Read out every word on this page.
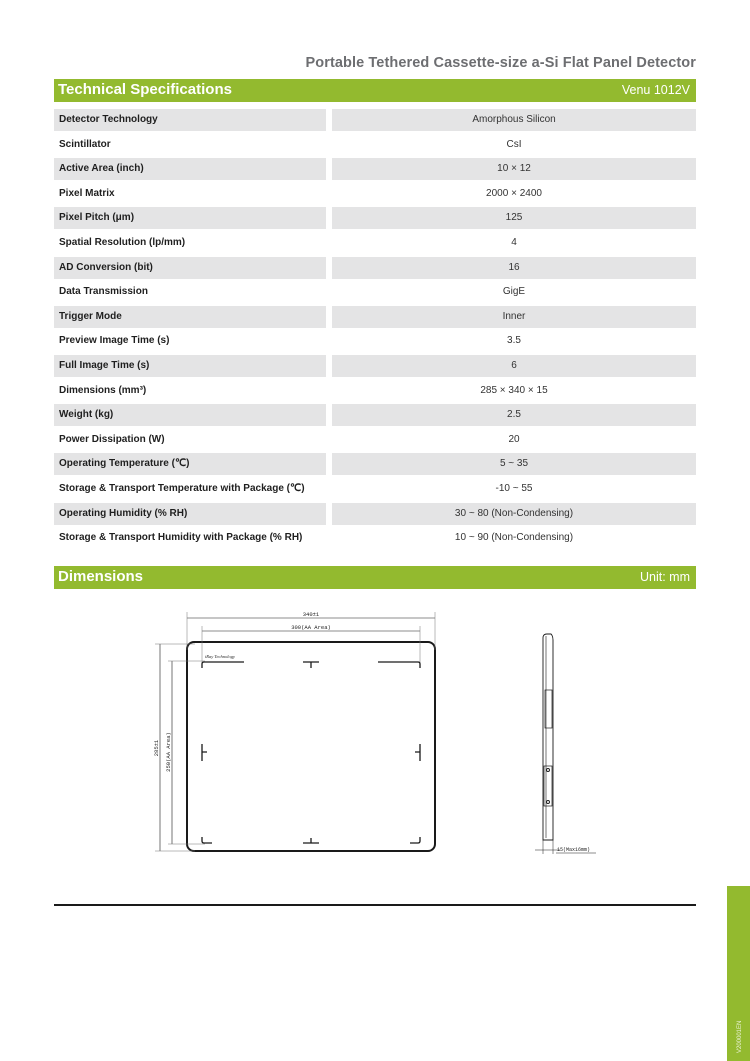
Portable Tethered Cassette-size a-Si Flat Panel Detector
Technical Specifications	Venu 1012V
Detector Technology	Amorphous Silicon
Scintillator	CsI
Active Area (inch)	10 × 12
Pixel Matrix	2000 × 2400
Pixel Pitch (μm)	125
Spatial Resolution (lp/mm)	4
AD Conversion (bit)	16
Data Transmission	GigE
Trigger Mode	Inner
Preview Image Time (s)	3.5
Full Image Time (s)	6
Dimensions (mm³)	285 × 340 × 15
Weight (kg)	2.5
Power Dissipation (W)	20
Operating Temperature (℃)	5 ~ 35
Storage & Transport Temperature with Package (℃)	-10 ~ 55
Operating Humidity (% RH)	30 ~ 80 (Non-Condensing)
Storage & Transport Humidity with Package (% RH)	10 ~ 90 (Non-Condensing)
Dimensions	Unit: mm
340±1
300(AA Area)
285±1 250(AA Area)
iRay Technology
15(Max16mm)
V200001EN
